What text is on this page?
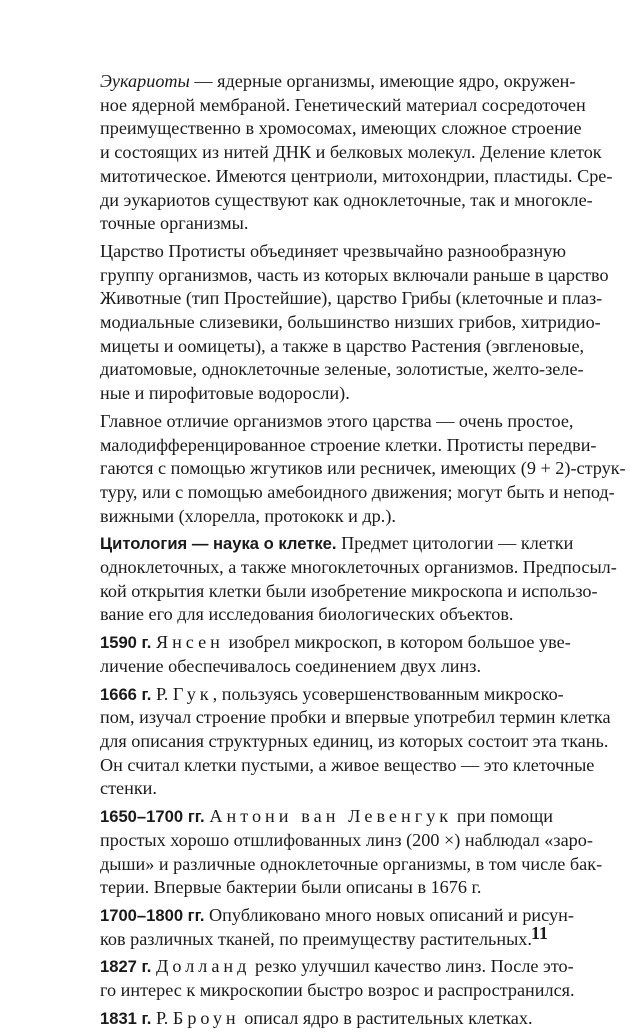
Эукариоты — ядерные организмы, имеющие ядро, окружен-
ное ядерной мембраной. Генетический материал сосредоточен
преимущественно в хромосомах, имеющих сложное строение
и состоящих из нитей ДНК и белковых молекул. Деление клеток
митотическое. Имеются центриоли, митохондрии, пластиды. Сре-
ди эукариотов существуют как одноклеточные, так и многокле-
точные организмы.
Царство Протисты объединяет чрезвычайно разнообразную
группу организмов, часть из которых включали раньше в царство
Животные (тип Простейшие), царство Грибы (клеточные и плаз-
модиальные слизевики, большинство низших грибов, хитридио-
мицеты и оомицеты), а также в царство Растения (эвгленовые,
диатомовые, одноклеточные зеленые, золотистые, желто-зеле-
ные и пирофитовые водоросли).
Главное отличие организмов этого царства — очень простое,
малодифференцированное строение клетки. Протисты передви-
гаются с помощью жгутиков или ресничек, имеющих (9 + 2)-струк-
туру, или с помощью амебоидного движения; могут быть и непод-
вижными (хлорелла, протококк и др.).
Цитология — наука о клетке. Предмет цитологии — клетки
одноклеточных, а также многоклеточных организмов. Предпосыл-
кой открытия клетки были изобретение микроскопа и использо-
вание его для исследования биологических объектов.
1590 г. Янсен изобрел микроскоп, в котором большое уве-
личение обеспечивалось соединением двух линз.
1666 г. Р. Гук, пользуясь усовершенствованным микроско-
пом, изучал строение пробки и впервые употребил термин клетка
для описания структурных единиц, из которых состоит эта ткань.
Он считал клетки пустыми, а живое вещество — это клеточные
стенки.
1650–1700 гг. Антони ван Левенгук при помощи
простых хорошо отшлифованных линз (200 ×) наблюдал «заро-
дыши» и различные одноклеточные организмы, в том числе бак-
терии. Впервые бактерии были описаны в 1676 г.
1700–1800 гг. Опубликовано много новых описаний и рисун-
ков различных тканей, по преимуществу растительных.
1827 г. Долланд резко улучшил качество линз. После это-
го интерес к микроскопии быстро возрос и распространился.
1831 г. Р. Броун описал ядро в растительных клетках.
11
